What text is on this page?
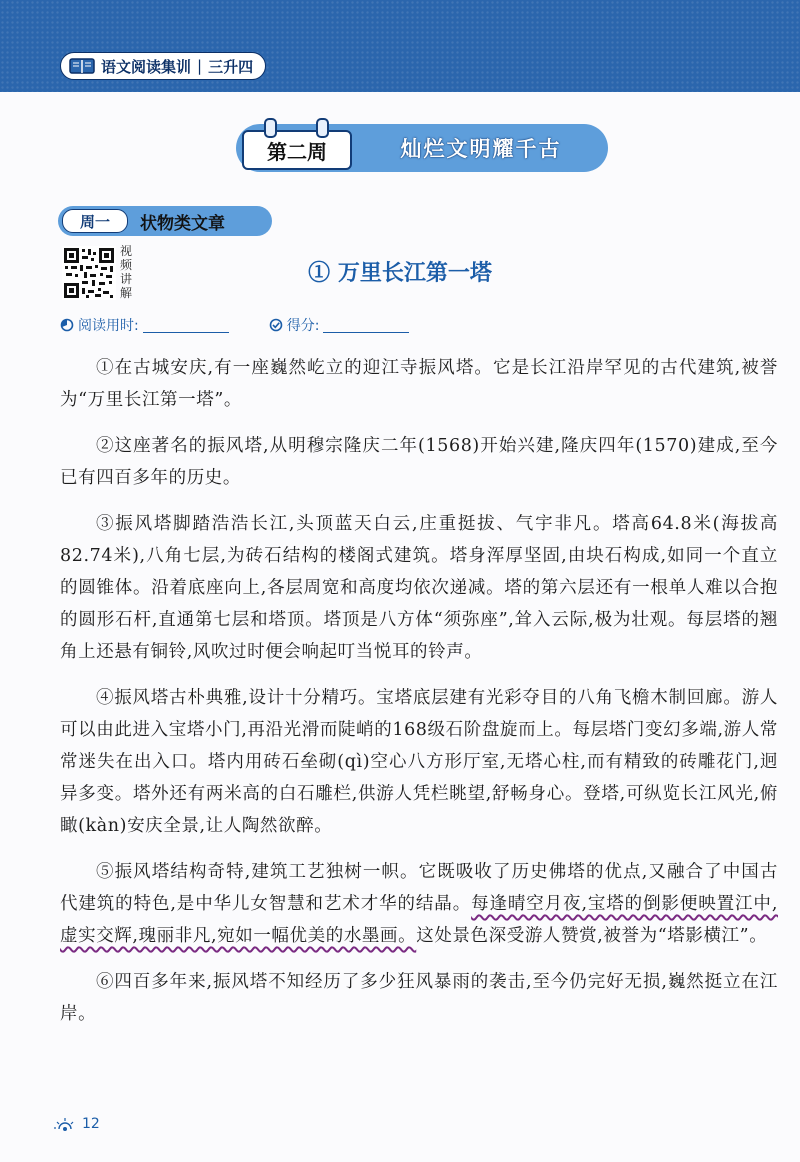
语文阅读集训 | 三升四
第二周	灿烂文明耀千古
周一	状物类文章
视频讲解
① 万里长江第一塔
阅读用时:	得分:

①在古城安庆,有一座巍然屹立的迎江寺振风塔。它是长江沿岸罕见的古代建筑,被誉为“万里长江第一塔”。

②这座著名的振风塔,从明穆宗隆庆二年(1568)开始兴建,隆庆四年(1570)建成,至今已有四百多年的历史。

③振风塔脚踏浩浩长江,头顶蓝天白云,庄重挺拔、气宇非凡。塔高64.8米(海拔高82.74米),八角七层,为砖石结构的楼阁式建筑。塔身浑厚坚固,由块石构成,如同一个直立的圆锥体。沿着底座向上,各层周宽和高度均依次递减。塔的第六层还有一根单人难以合抱的圆形石杆,直通第七层和塔顶。塔顶是八方体“须弥座”,耸入云际,极为壮观。每层塔的翘角上还悬有铜铃,风吹过时便会响起叮当悦耳的铃声。

④振风塔古朴典雅,设计十分精巧。宝塔底层建有光彩夺目的八角飞檐木制回廊。游人可以由此进入宝塔小门,再沿光滑而陡峭的168级石阶盘旋而上。每层塔门变幻多端,游人常常迷失在出入口。塔内用砖石垒砌(qì)空心八方形厅室,无塔心柱,而有精致的砖雕花门,迥异多变。塔外还有两米高的白石雕栏,供游人凭栏眺望,舒畅身心。登塔,可纵览长江风光,俯瞰(kàn)安庆全景,让人陶然欲醉。

⑤振风塔结构奇特,建筑工艺独树一帜。它既吸收了历史佛塔的优点,又融合了中国古代建筑的特色,是中华儿女智慧和艺术才华的结晶。每逢晴空月夜,宝塔的倒影便映置江中,虚实交辉,瑰丽非凡,宛如一幅优美的水墨画。这处景色深受游人赞赏,被誉为“塔影横江”。

⑥四百多年来,振风塔不知经历了多少狂风暴雨的袭击,至今仍完好无损,巍然挺立在江岸。

12
